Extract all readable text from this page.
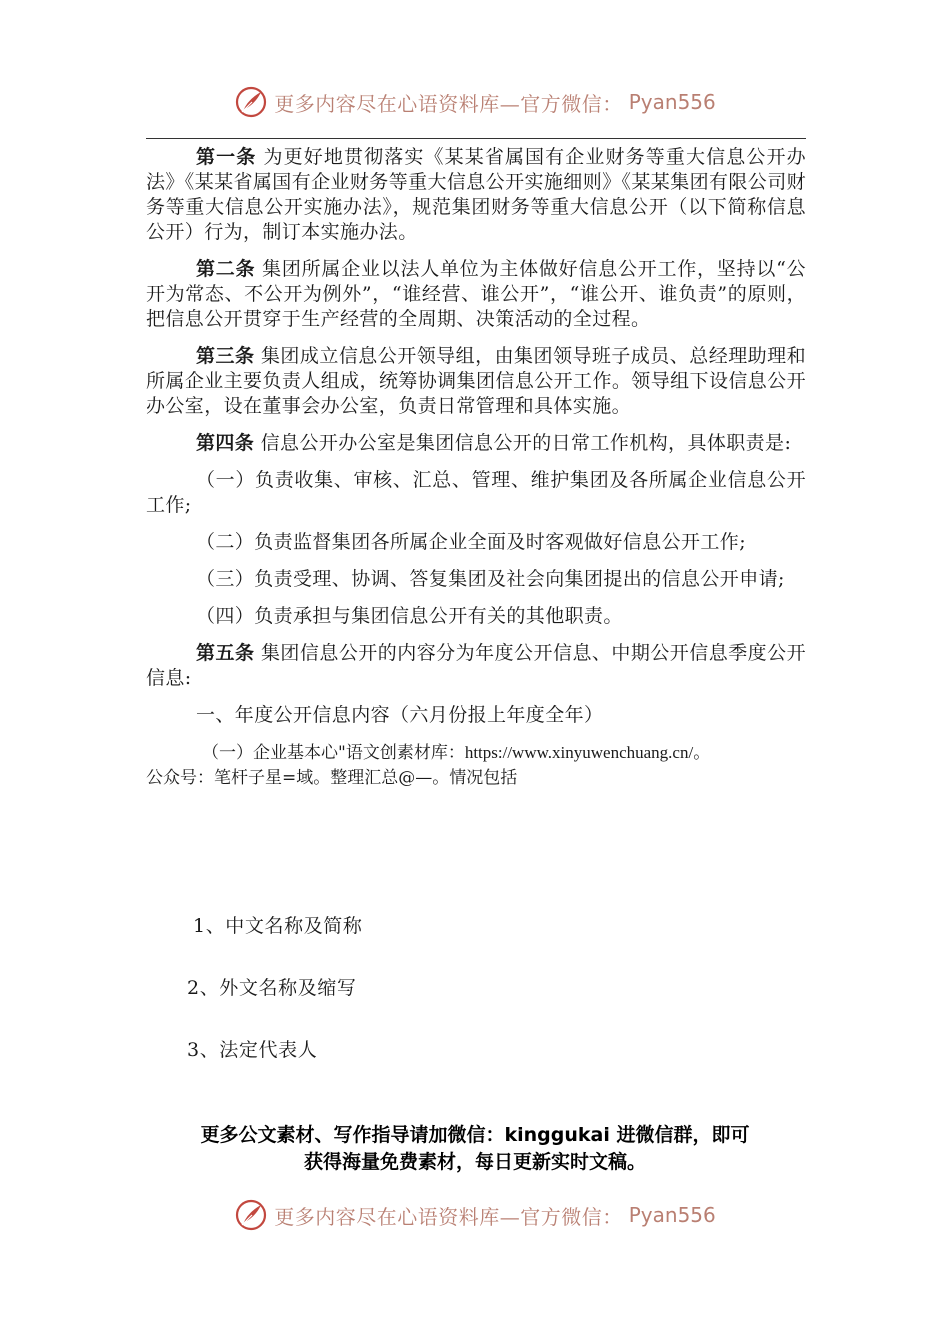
更多内容尽在心语资料库—官方微信： Pyan556

第一条 为更好地贯彻落实《某某省属国有企业财务等重大信息公开办法》《某某省属国有企业财务等重大信息公开实施细则》《某某集团有限公司财务等重大信息公开实施办法》，规范集团财务等重大信息公开（以下简称信息公开）行为，制订本实施办法。

第二条 集团所属企业以法人单位为主体做好信息公开工作，坚持以“公开为常态、不公开为例外”，“谁经营、谁公开”，“谁公开、谁负责”的原则，把信息公开贯穿于生产经营的全周期、决策活动的全过程。

第三条 集团成立信息公开领导组，由集团领导班子成员、总经理助理和所属企业主要负责人组成，统筹协调集团信息公开工作。领导组下设信息公开办公室，设在董事会办公室，负责日常管理和具体实施。

第四条 信息公开办公室是集团信息公开的日常工作机构，具体职责是:

（一）负责收集、审核、汇总、管理、维护集团及各所属企业信息公开工作;

（二）负责监督集团各所属企业全面及时客观做好信息公开工作;

（三）负责受理、协调、答复集团及社会向集团提出的信息公开申请;

（四）负责承担与集团信息公开有关的其他职责。

第五条 集团信息公开的内容分为年度公开信息、中期公开信息季度公开信息:

一、年度公开信息内容（六月份报上年度全年）

（一）企业基本心"语文创素材库：https://www.xinyuwenchuang.cn/。

公众号：笔杆子星=域。整理汇总@—。情况包括

1、中文名称及简称
2、外文名称及缩写
3、法定代表人
更多公文素材、写作指导请加微信：kinggukai 进微信群，即可
获得海量免费素材，每日更新实时文稿。
更多内容尽在心语资料库—官方微信： Pyan556
